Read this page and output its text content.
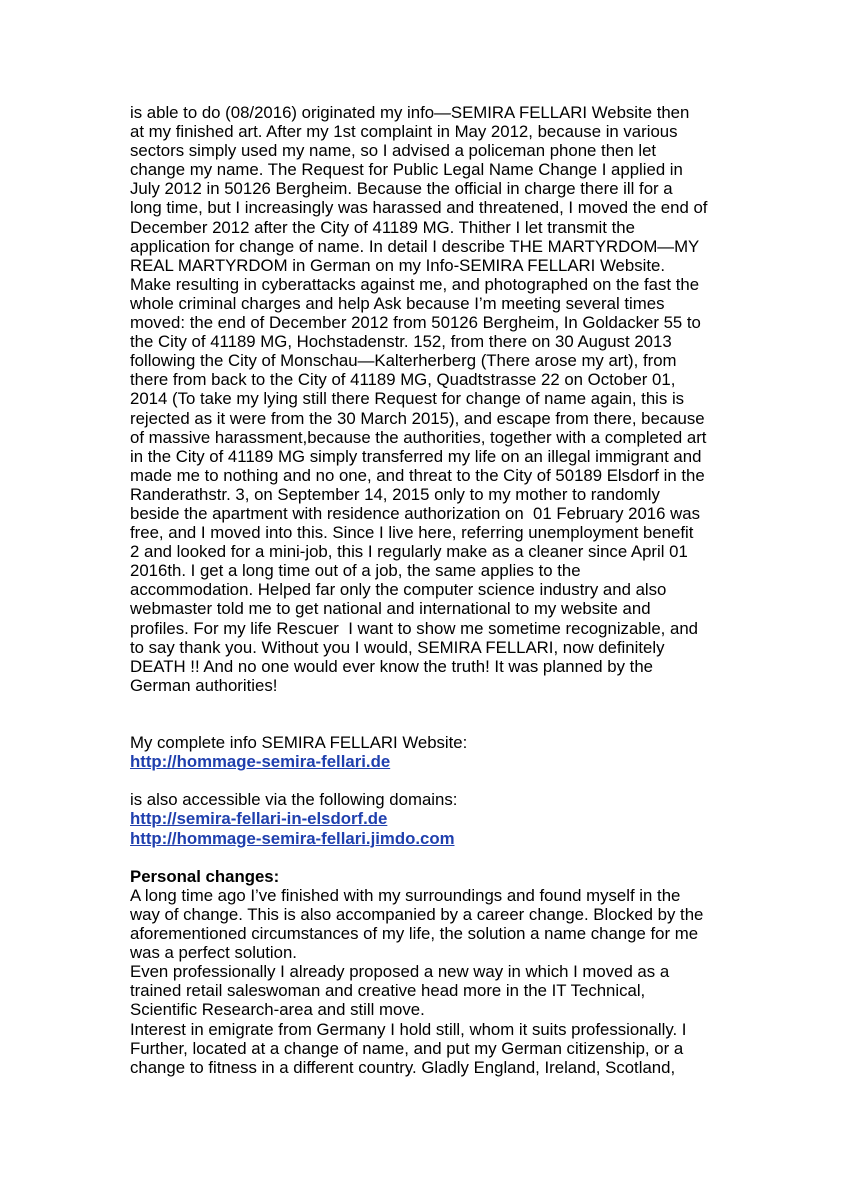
is able to do (08/2016) originated my info—SEMIRA FELLARI Website then
at my finished art. After my 1st complaint in May 2012, because in various
sectors simply used my name, so I advised a policeman phone then let
change my name. The Request for Public Legal Name Change I applied in
July 2012 in 50126 Bergheim. Because the official in charge there ill for a
long time, but I increasingly was harassed and threatened, I moved the end of
December 2012 after the City of 41189 MG. Thither I let transmit the
application for change of name. In detail I describe THE MARTYRDOM—MY
REAL MARTYRDOM in German on my Info-SEMIRA FELLARI Website.
Make resulting in cyberattacks against me, and photographed on the fast the
whole criminal charges and help Ask because I’m meeting several times
moved: the end of December 2012 from 50126 Bergheim, In Goldacker 55 to
the City of 41189 MG, Hochstadenstr. 152, from there on 30 August 2013
following the City of Monschau—Kalterherberg (There arose my art), from
there from back to the City of 41189 MG, Quadtstrasse 22 on October 01,
2014 (To take my lying still there Request for change of name again, this is
rejected as it were from the 30 March 2015), and escape from there, because
of massive harassment,because the authorities, together with a completed art
in the City of 41189 MG simply transferred my life on an illegal immigrant and
made me to nothing and no one, and threat to the City of 50189 Elsdorf in the
Randerathstr. 3, on September 14, 2015 only to my mother to randomly
beside the apartment with residence authorization on  01 February 2016 was
free, and I moved into this. Since I live here, referring unemployment benefit
2 and looked for a mini-job, this I regularly make as a cleaner since April 01
2016th. I get a long time out of a job, the same applies to the
accommodation. Helped far only the computer science industry and also
webmaster told me to get national and international to my website and
profiles. For my life Rescuer  I want to show me sometime recognizable, and
to say thank you. Without you I would, SEMIRA FELLARI, now definitely
DEATH !! And no one would ever know the truth! It was planned by the
German authorities!
My complete info SEMIRA FELLARI Website:
http://hommage-semira-fellari.de
is also accessible via the following domains:
http://semira-fellari-in-elsdorf.de
http://hommage-semira-fellari.jimdo.com
Personal changes:
A long time ago I’ve finished with my surroundings and found myself in the
way of change. This is also accompanied by a career change. Blocked by the
aforementioned circumstances of my life, the solution a name change for me
was a perfect solution.
Even professionally I already proposed a new way in which I moved as a
trained retail saleswoman and creative head more in the IT Technical,
Scientific Research-area and still move.
Interest in emigrate from Germany I hold still, whom it suits professionally. I
Further, located at a change of name, and put my German citizenship, or a
change to fitness in a different country. Gladly England, Ireland, Scotland,
